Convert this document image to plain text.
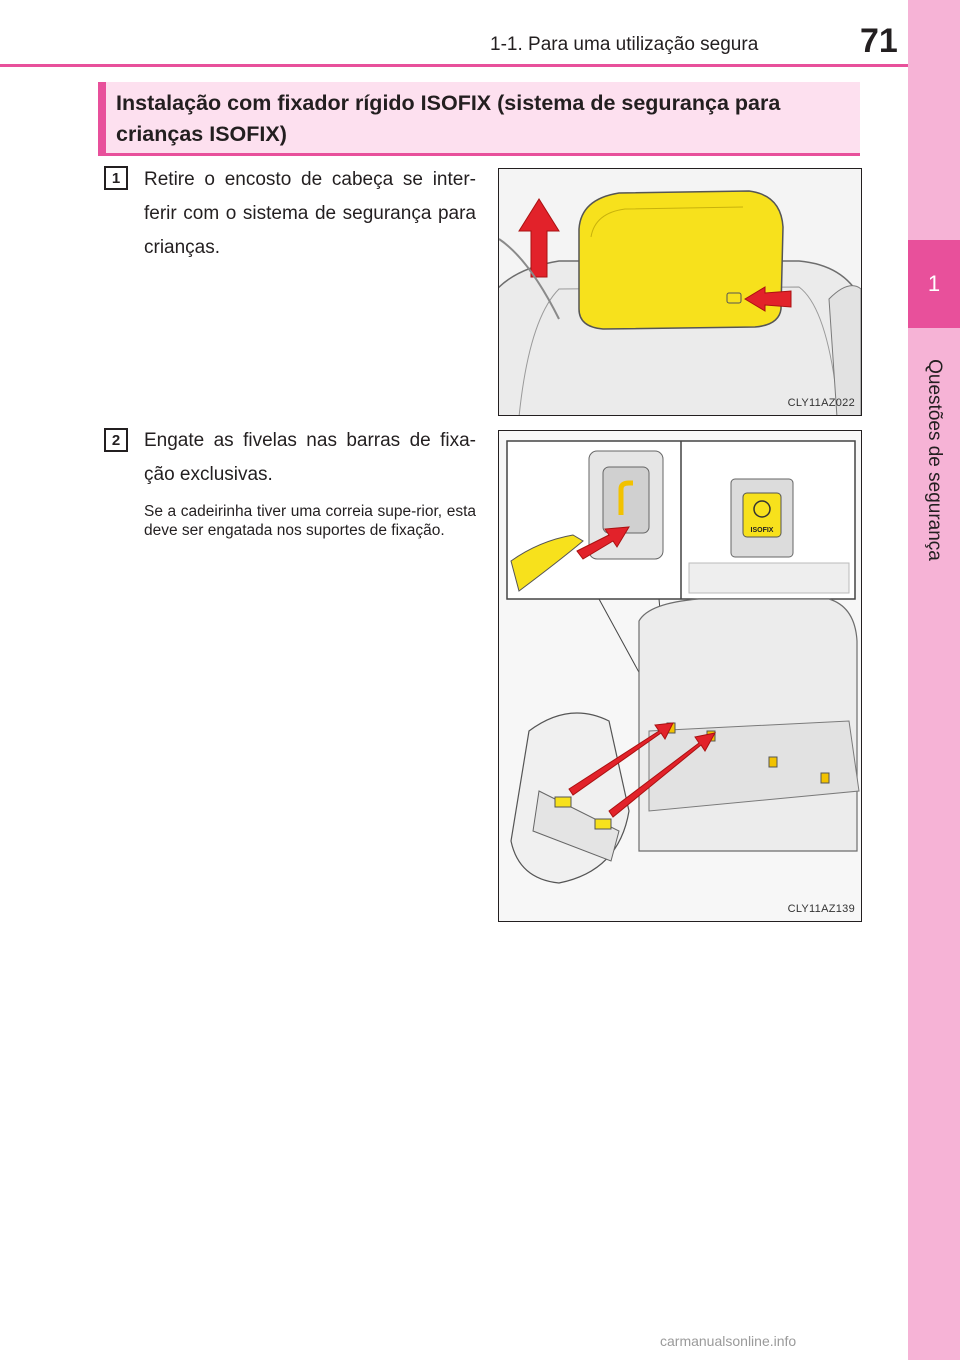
1
Questões de segurança
1-1. Para uma utilização segura	71
Instalação com fixador rígido ISOFIX (sistema de segurança para crianças ISOFIX)
1	Retire o encosto de cabeça se inter-ferir com o sistema de segurança para crianças.
CLY11AZ022
2	Engate as fivelas nas barras de fixa-ção exclusivas.
Se a cadeirinha tiver uma correia supe-rior, esta deve ser engatada nos suportes de fixação.	ISOFIX
CLY11AZ139
carmanualsonline.info
